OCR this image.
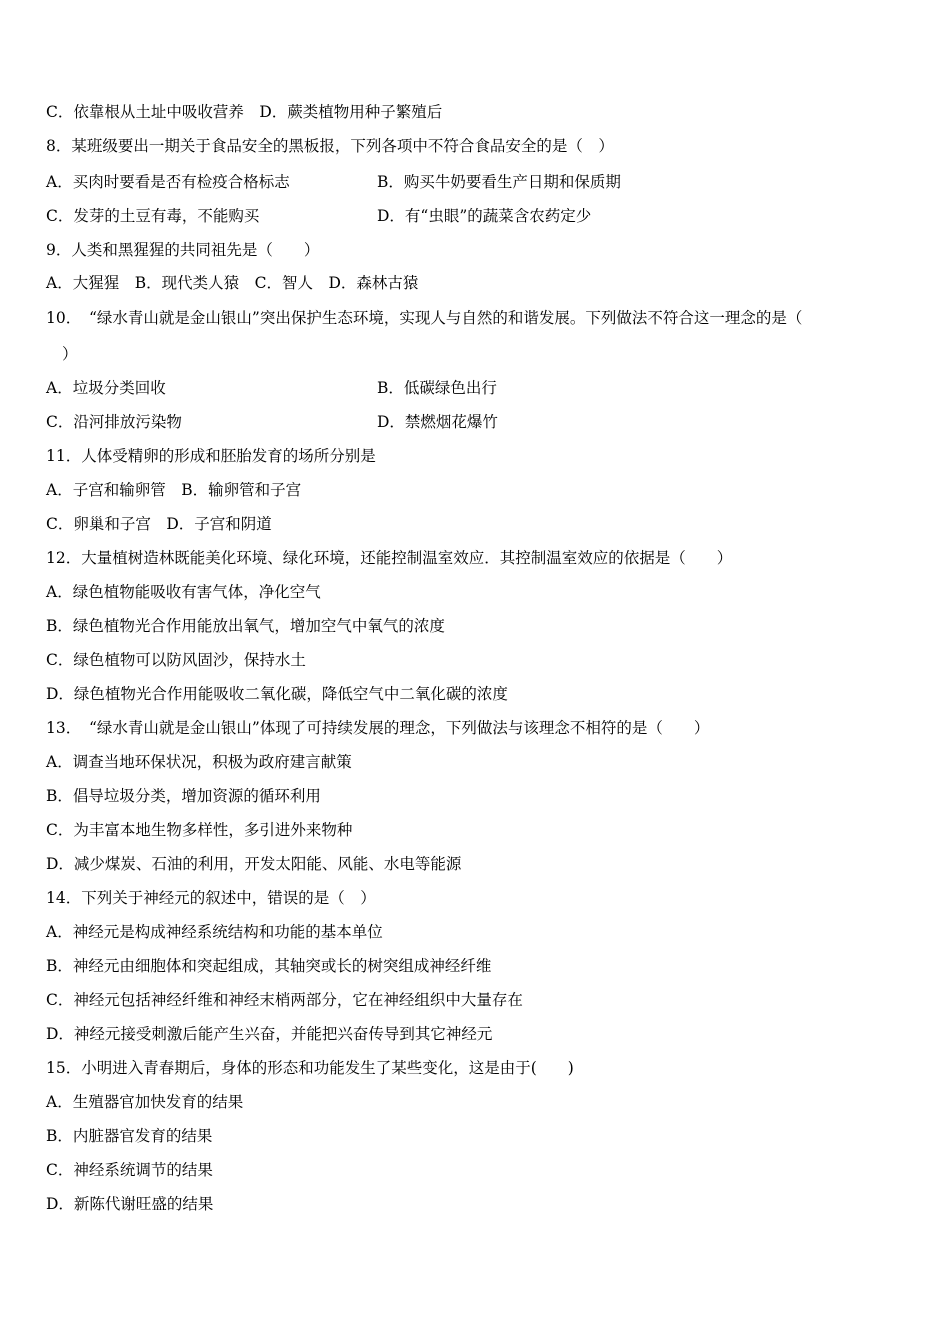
C．依靠根从土址中吸收营养　D．蕨类植物用种子繁殖后
8．某班级要出一期关于食品安全的黑板报，下列各项中不符合食品安全的是（　）
A．买肉时要看是否有检疫合格标志	B．购买牛奶要看生产日期和保质期
C．发芽的土豆有毒，不能购买	D．有“虫眼”的蔬菜含农药定少
9．人类和黑猩猩的共同祖先是（　　）
A．大猩猩　B．现代类人猿　C．智人　D．森林古猿
10．　“绿水青山就是金山银山”突出保护生态环境，实现人与自然的和谐发展。下列做法不符合这一理念的是（
）
A．垃圾分类回收	B．低碳绿色出行
C．沿河排放污染物	D．禁燃烟花爆竹
11．人体受精卵的形成和胚胎发育的场所分别是
A．子宫和输卵管　B．输卵管和子宫
C．卵巢和子宫　D．子宫和阴道
12．大量植树造林既能美化环境、绿化环境，还能控制温室效应．其控制温室效应的依据是（　　）
A．绿色植物能吸收有害气体，净化空气
B．绿色植物光合作用能放出氧气，增加空气中氧气的浓度
C．绿色植物可以防风固沙，保持水土
D．绿色植物光合作用能吸收二氧化碳，降低空气中二氧化碳的浓度
13．　“绿水青山就是金山银山”体现了可持续发展的理念，下列做法与该理念不相符的是（　　）
A．调查当地环保状况，积极为政府建言献策
B．倡导垃圾分类，增加资源的循环利用
C．为丰富本地生物多样性，多引进外来物种
D．减少煤炭、石油的利用，开发太阳能、风能、水电等能源
14．下列关于神经元的叙述中，错误的是（　）
A．神经元是构成神经系统结构和功能的基本单位
B．神经元由细胞体和突起组成，其轴突或长的树突组成神经纤维
C．神经元包括神经纤维和神经末梢两部分，它在神经组织中大量存在
D．神经元接受刺激后能产生兴奋，并能把兴奋传导到其它神经元
15．小明进入青春期后，身体的形态和功能发生了某些变化，这是由于(　　)
A．生殖器官加快发育的结果
B．内脏器官发育的结果
C．神经系统调节的结果
D．新陈代谢旺盛的结果
